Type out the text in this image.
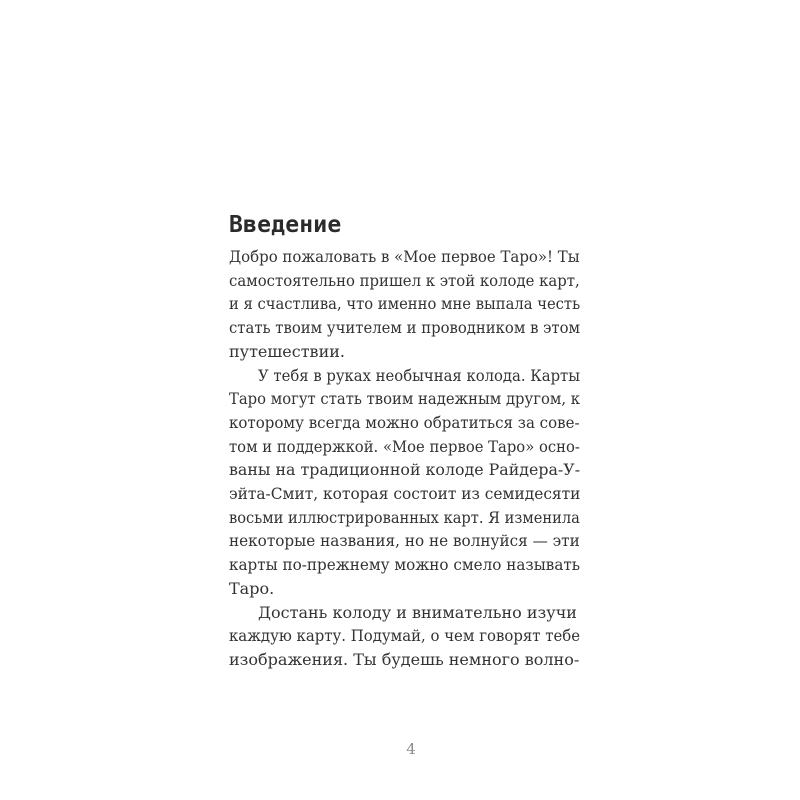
Введение

Добро пожаловать в «Мое первое Таро»! Ты

самостоятельно пришел к этой колоде карт,

и я счастлива, что именно мне выпала честь

стать твоим учителем и проводником в этом

путешествии.

У тебя в руках необычная колода. Карты

Таро могут стать твоим надежным другом, к

которому всегда можно обратиться за сове-

том и поддержкой. «Мое первое Таро» осно-

ваны на традиционной колоде Райдера-У-

эйта-Смит, которая состоит из семидесяти

восьми иллюстрированных карт. Я изменила

некоторые названия, но не волнуйся — эти

карты по-прежнему можно смело называть

Таро.

Достань колоду и внимательно изучи

каждую карту. Подумай, о чем говорят тебе

изображения. Ты будешь немного волно-

4
